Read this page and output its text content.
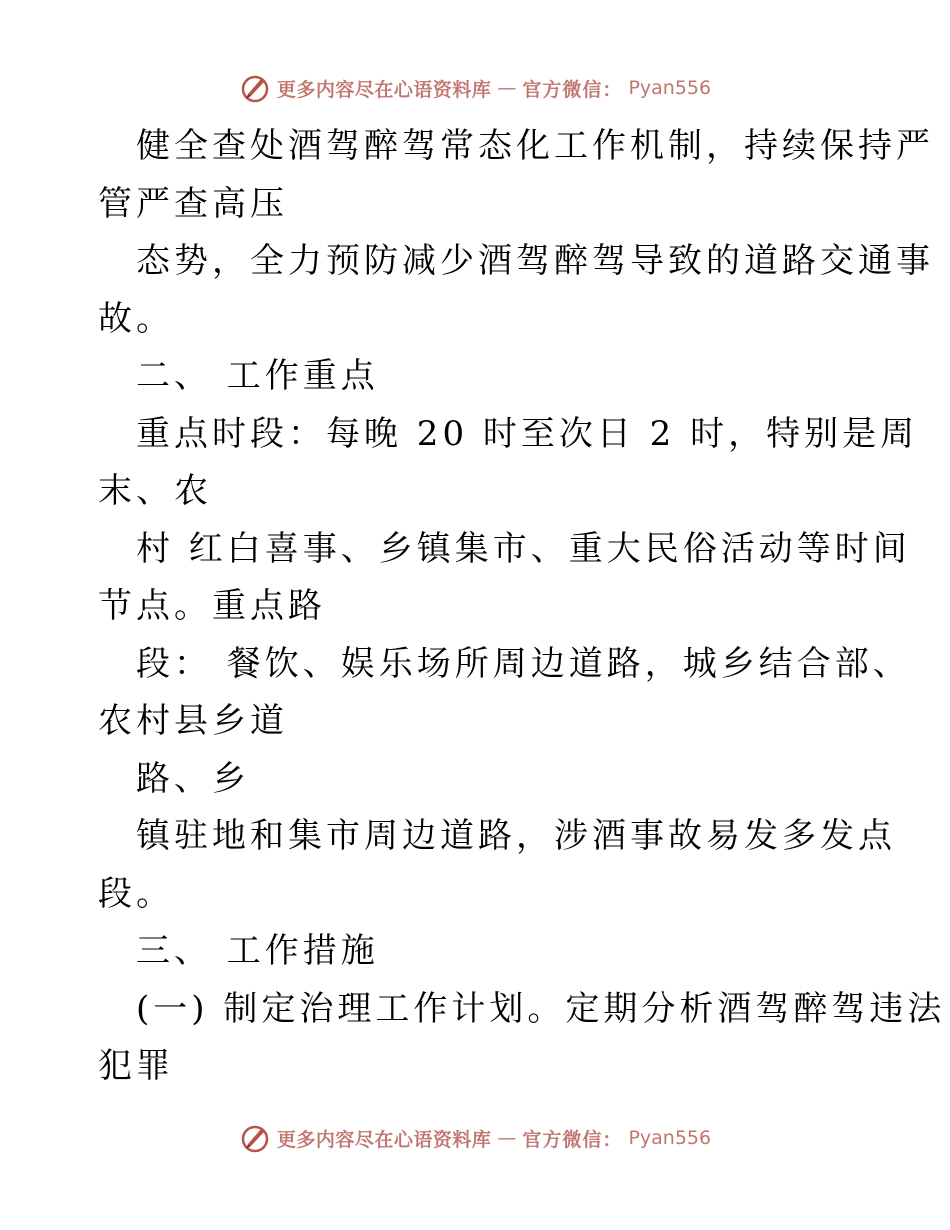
更多内容尽在心语资料库 — 官方微信： Pyan556
健全查处酒驾醉驾常态化工作机制，持续保持严
管严查高压
态势，全力预防减少酒驾醉驾导致的道路交通事
故。
二、 工作重点
重点时段：每晚 20 时至次日 2 时，特别是周
末、农
村 红白喜事、乡镇集市、重大民俗活动等时间
节点。重点路
段： 餐饮、娱乐场所周边道路，城乡结合部、
农村县乡道
路、乡
镇驻地和集市周边道路，涉酒事故易发多发点
段。
三、 工作措施
(一) 制定治理工作计划。定期分析酒驾醉驾违法
犯罪
更多内容尽在心语资料库 — 官方微信： Pyan556
